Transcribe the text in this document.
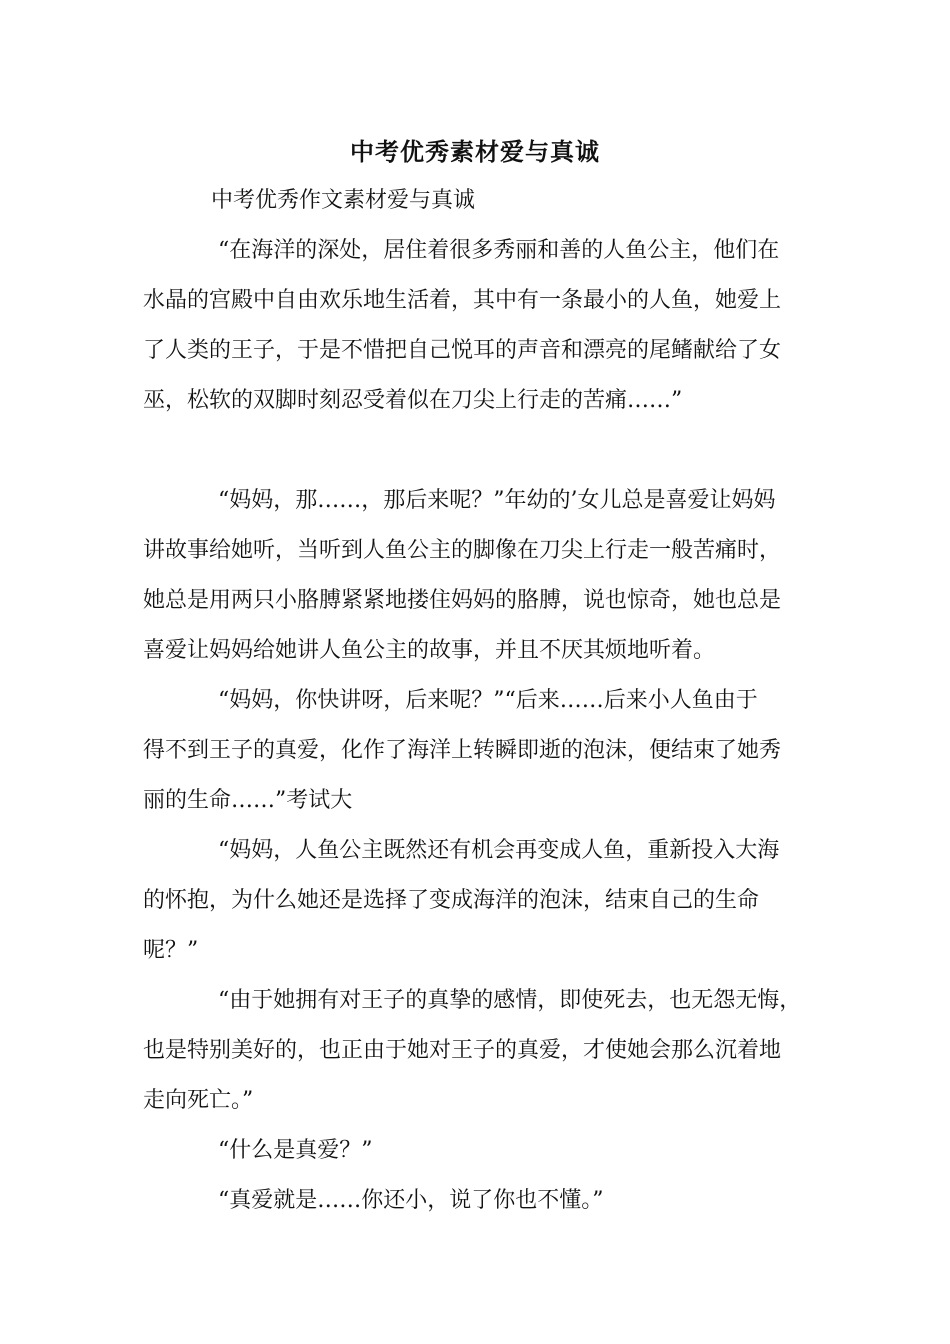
中考优秀素材爱与真诚
中考优秀作文素材爱与真诚
“在海洋的深处，居住着很多秀丽和善的人鱼公主，他们在
水晶的宫殿中自由欢乐地生活着，其中有一条最小的人鱼，她爱上
了人类的王子，于是不惜把自己悦耳的声音和漂亮的尾鳍献给了女
巫，松软的双脚时刻忍受着似在刀尖上行走的苦痛……”
“妈妈，那……，那后来呢？”年幼的’女儿总是喜爱让妈妈
讲故事给她听，当听到人鱼公主的脚像在刀尖上行走一般苦痛时，
她总是用两只小胳膊紧紧地搂住妈妈的胳膊，说也惊奇，她也总是
喜爱让妈妈给她讲人鱼公主的故事，并且不厌其烦地听着。
“妈妈，你快讲呀，后来呢？”“后来……后来小人鱼由于
得不到王子的真爱，化作了海洋上转瞬即逝的泡沫，便结束了她秀
丽的生命……”考试大
“妈妈，人鱼公主既然还有机会再变成人鱼，重新投入大海
的怀抱，为什么她还是选择了变成海洋的泡沫，结束自己的生命
呢？”
“由于她拥有对王子的真挚的感情，即使死去，也无怨无悔，
也是特别美好的，也正由于她对王子的真爱，才使她会那么沉着地
走向死亡。”
“什么是真爱？”
“真爱就是……你还小，说了你也不懂。”
